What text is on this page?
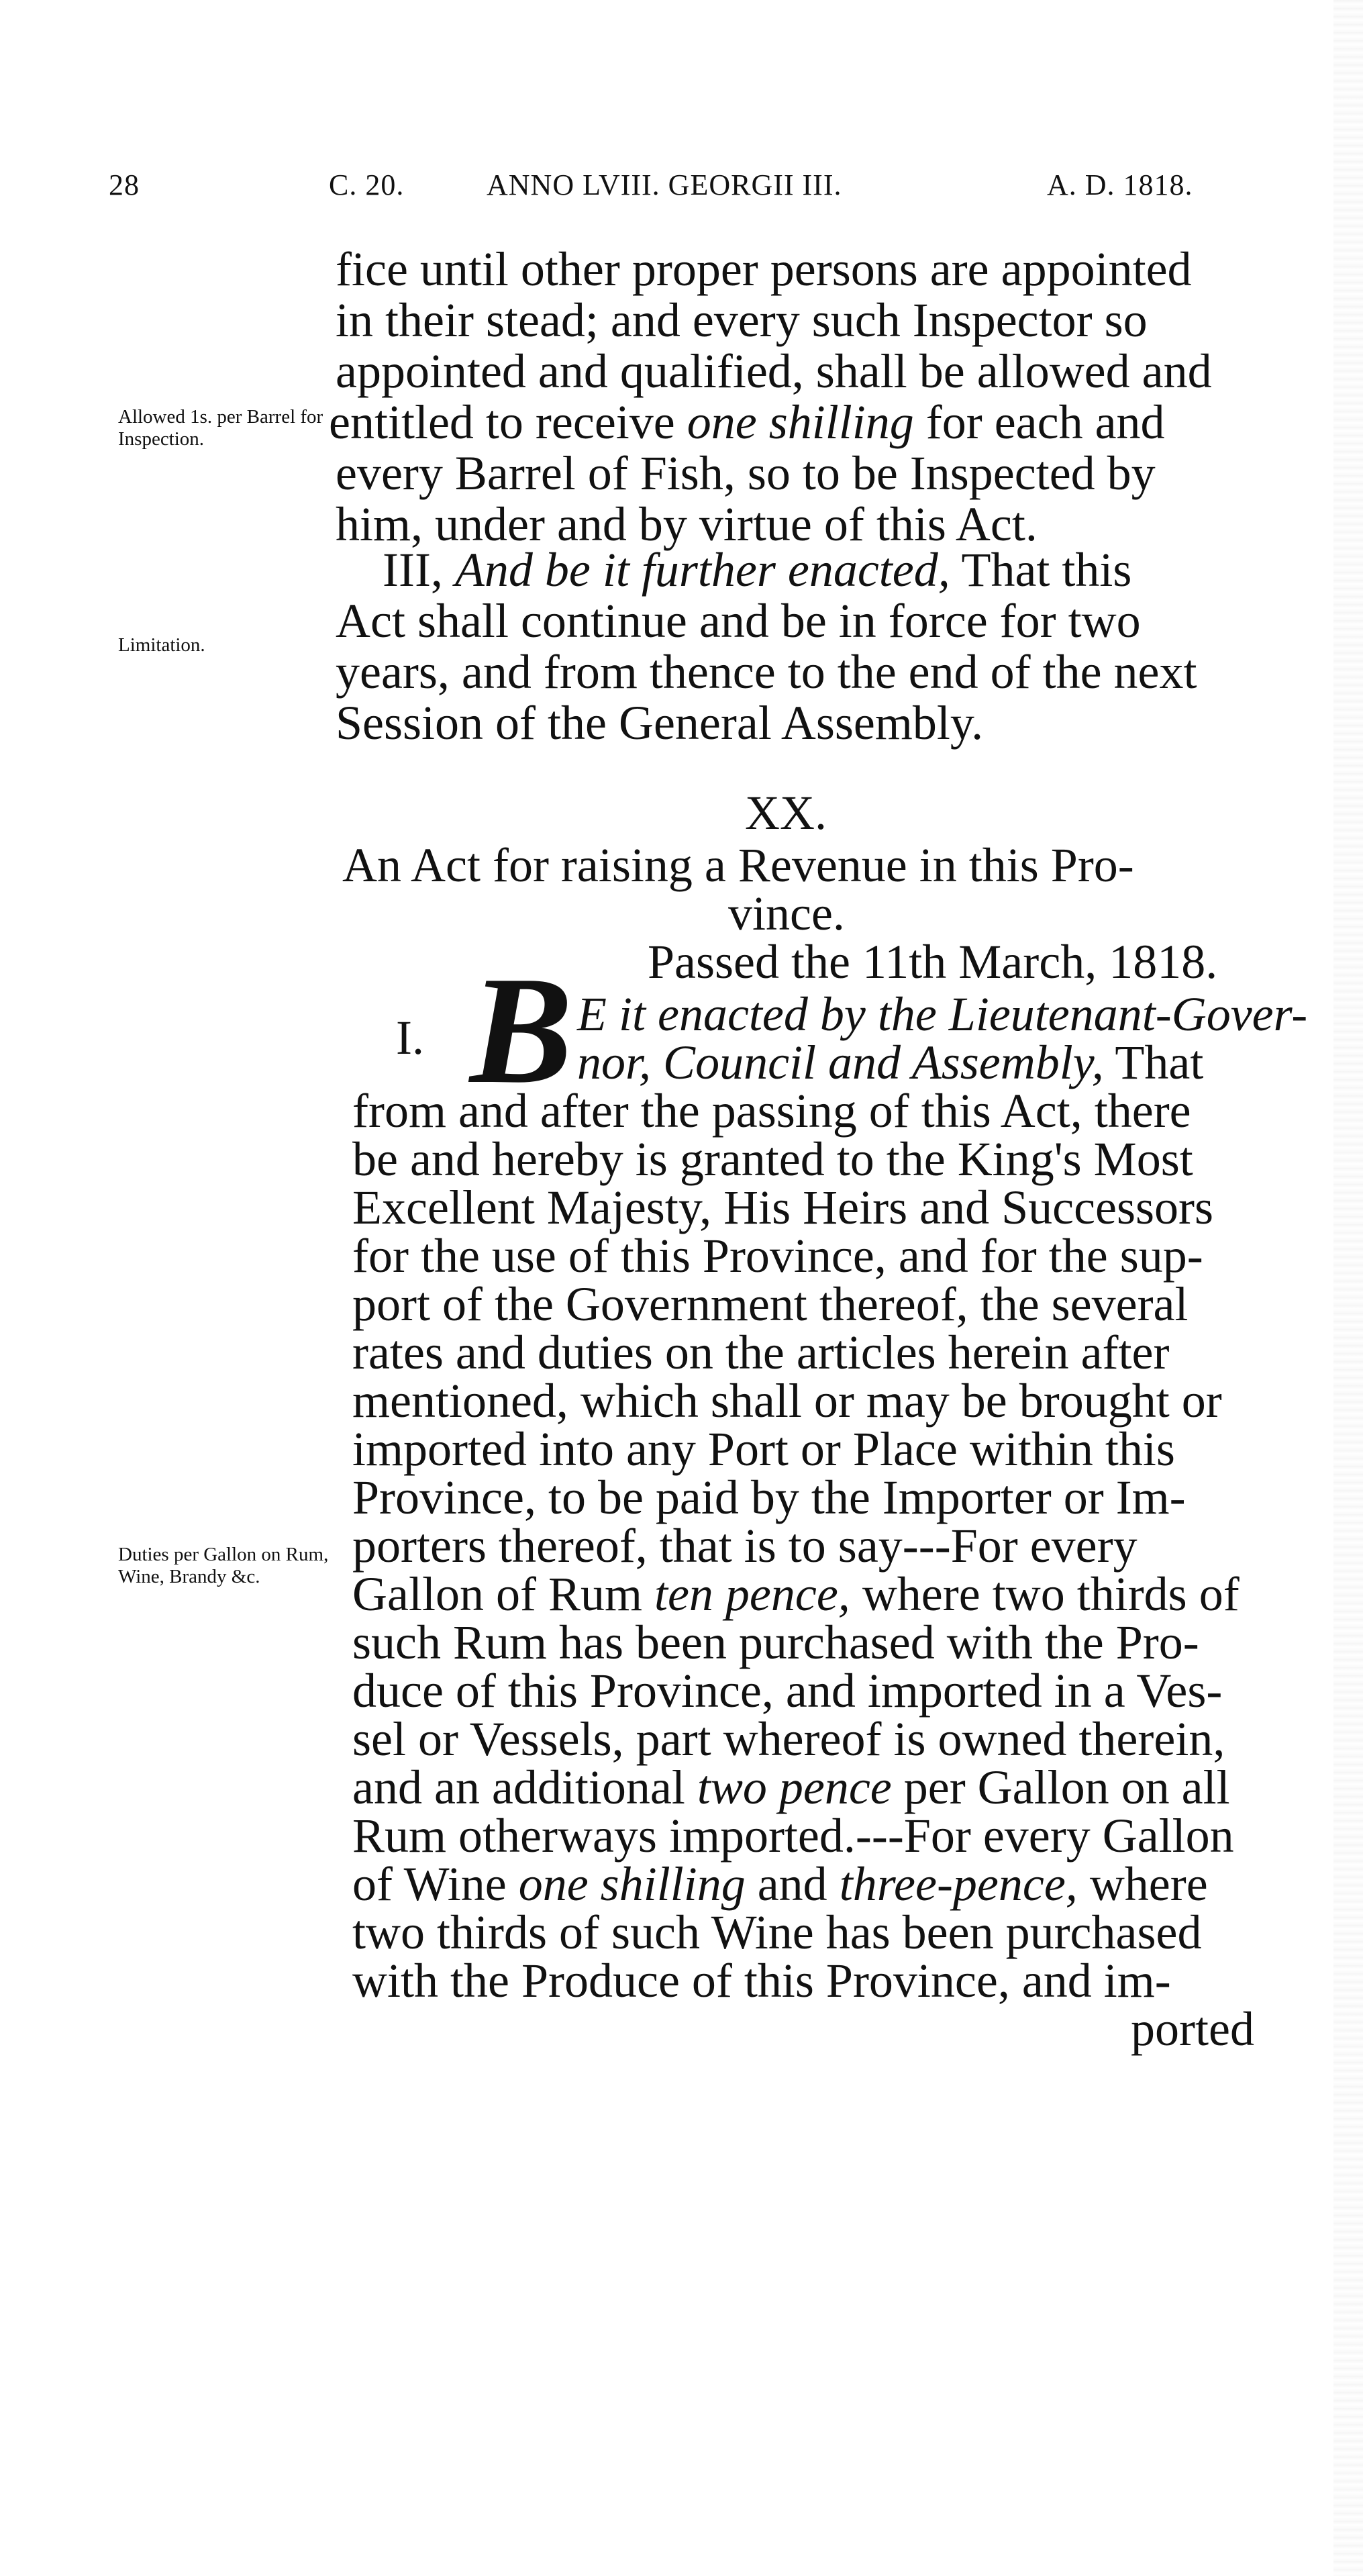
28	C. 20.	ANNO LVIII. GEORGII III.	A. D. 1818.
Allowed 1s. per Barrel for Inspection.
Limitation.
Duties per Gallon on Rum, Wine, Brandy &c.
fice until other proper persons are appointed
in their stead; and every such Inspector so
appointed and qualified, shall be allowed and
entitled to receive one shilling for each and
every Barrel of Fish, so to be Inspected by
him, under and by virtue of this Act.
III, And be it further enacted, That this
Act shall continue and be in force for two
years, and from thence to the end of the next
Session of the General Assembly.
XX.
An Act for raising a Revenue in this Pro-
vince.
Passed the 11th March, 1818.
I. B E it enacted by the Lieutenant-Gover-
nor, Council and Assembly, That
from and after the passing of this Act, there
be and hereby is granted to the King's Most
Excellent Majesty, His Heirs and Successors
for the use of this Province, and for the sup-
port of the Government thereof, the several
rates and duties on the articles herein after
mentioned, which shall or may be brought or
imported into any Port or Place within this
Province, to be paid by the Importer or Im-
porters thereof, that is to say---For every
Gallon of Rum ten pence, where two thirds of
such Rum has been purchased with the Pro-
duce of this Province, and imported in a Ves-
sel or Vessels, part whereof is owned therein,
and an additional two pence per Gallon on all
Rum otherways imported.---For every Gallon
of Wine one shilling and three-pence, where
two thirds of such Wine has been purchased
with the Produce of this Province, and im-
ported
